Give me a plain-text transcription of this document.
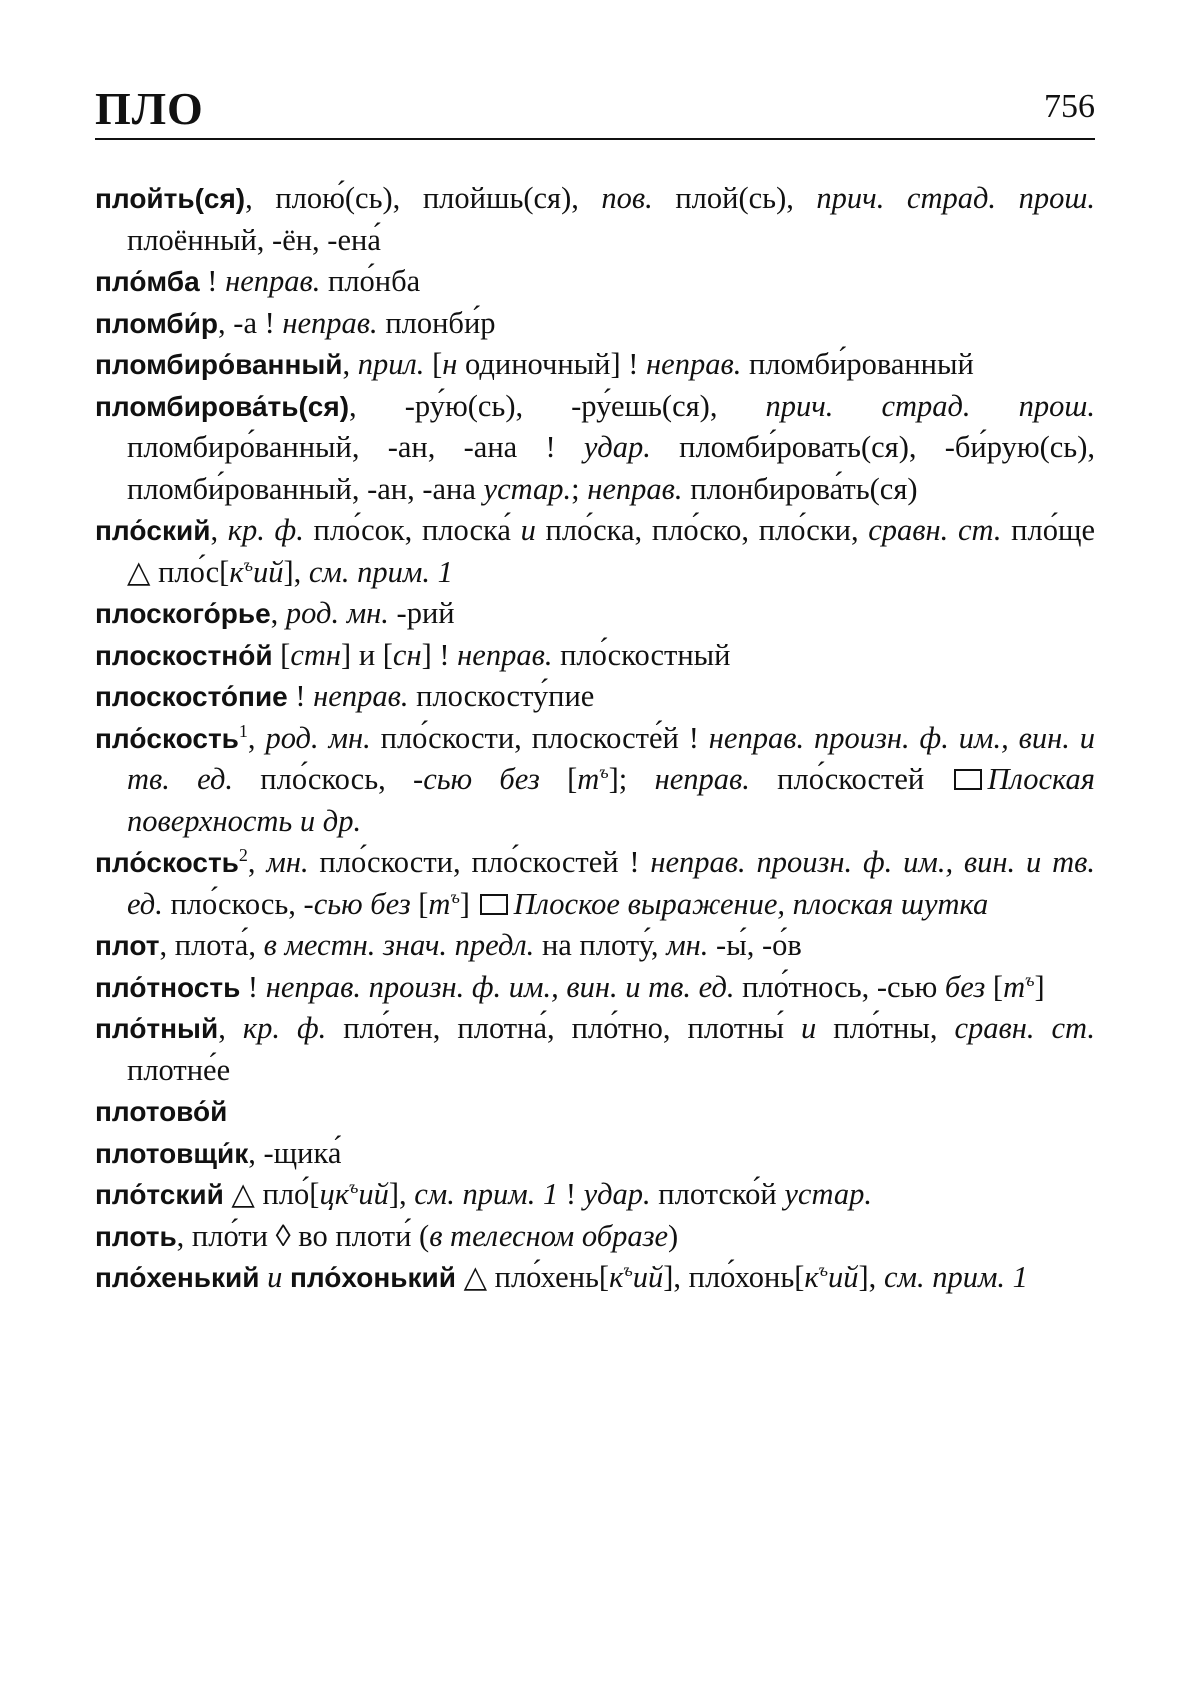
ПЛО	756

плойть(ся), плою́(сь), плойшь(ся), пов. плой(сь), прич. страд. прош. плоённый, -ён, -ена́

пло́мба ! неправ. пло́нба

пломби́р, -а ! неправ. плонби́р

пломбиро́ванный, прил. [н одиночный] ! неправ. пломби́рованный

пломбирова́ть(ся), -ру́ю(сь), -ру́ешь(ся), прич. страд. прош. пломбиро́ванный, -ан, -ана ! удар. пломби́ровать(ся), -би́рую(сь), пломби́рованный, -ан, -ана устар.; неправ. плонбирова́ть(ся)

пло́ский, кр. ф. пло́сок, плоска́ и пло́ска, пло́ско, пло́ски, сравн. ст. пло́ще △ $пло́с[к^ъий]$, см. прим. 1

плоского́рье, род. мн. -рий

плоскостно́й [стн] и [сн] ! неправ. пло́скостный

плоскосто́пие ! неправ. плоскосту́пие

пло́скость$^1$, род. мн. пло́скости, плоскосте́й ! неправ. произн. ф. им., вин. и тв. ед. пло́скось, -сью без $[т^ъ]$; неправ. пло́скостей Плоская поверхность и др.

пло́скость$^2$, мн. пло́скости, пло́скостей ! неправ. произн. ф. им., вин. и тв. ед. пло́скось, -сью без $[т^ъ]$ Плоское выражение, плоская шутка

плот, плота́, в местн. знач. предл. на плоту́, мн. -ы́, -о́в

пло́тность ! неправ. произн. ф. им., вин. и тв. ед. пло́тнось, -сью без $[т^ъ]$

пло́тный, кр. ф. пло́тен, плотна́, пло́тно, плотны́ и пло́тны, сравн. ст. плотне́е

плотово́й

плотовщи́к, -щика́

пло́тский △ $пло́[цк^ъий]$, см. прим. 1 ! удар. плотско́й устар.

плоть, пло́ти ◊ во плоти́ (в телесном образе)

пло́хенький и пло́хонький △ $пло́хень[к^ъий]$, $пло́хонь[к^ъий]$, см. прим. 1
